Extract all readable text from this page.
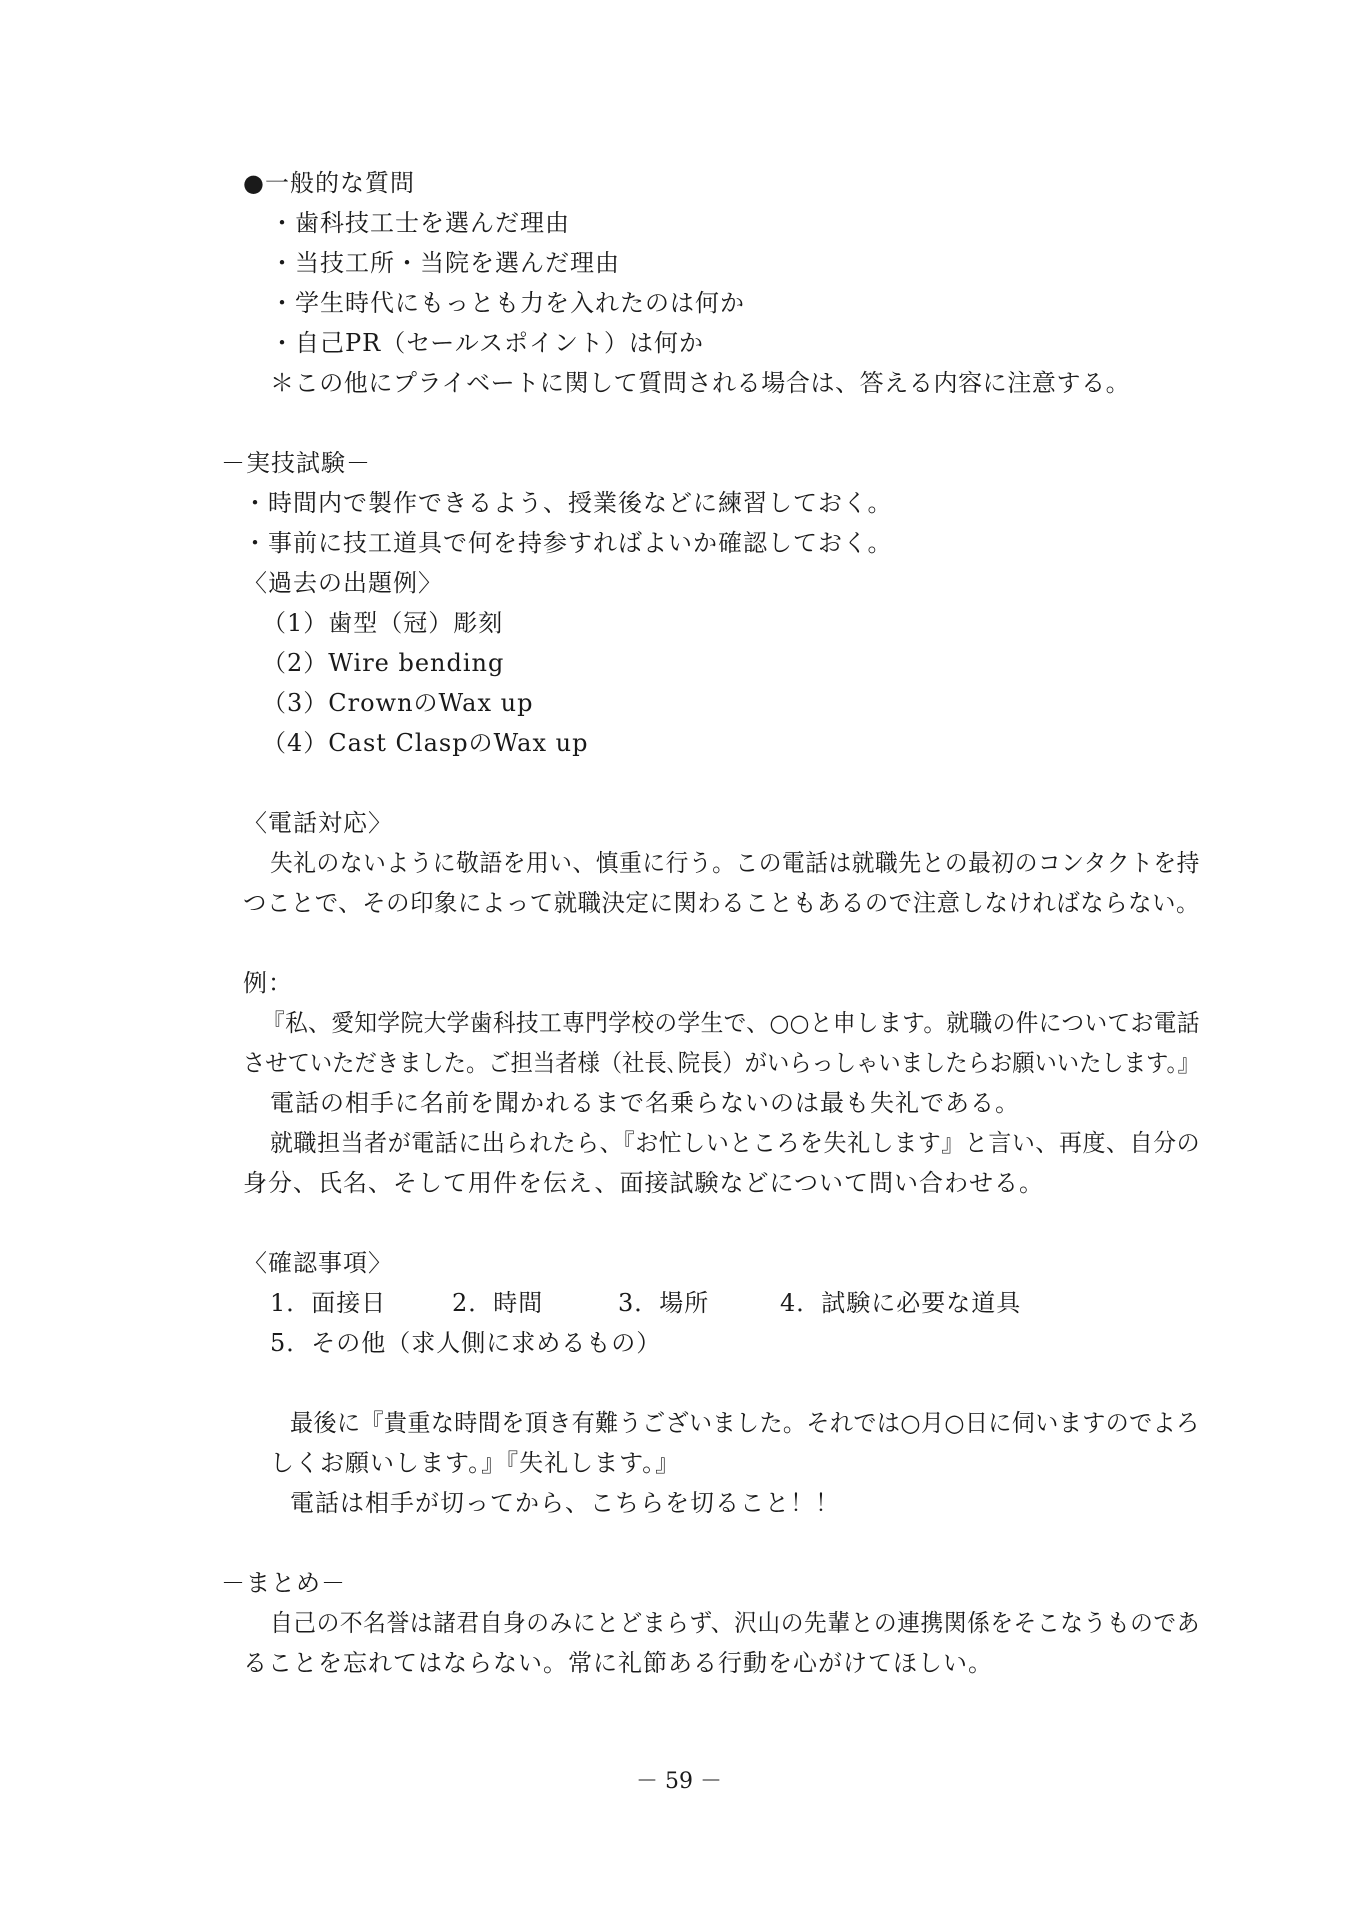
●一般的な質問
・歯科技工士を選んだ理由
・当技工所・当院を選んだ理由
・学生時代にもっとも力を入れたのは何か
・自己PR（セールスポイント）は何か
＊この他にプライベートに関して質問される場合は、答える内容に注意する。
－実技試験－
・時間内で製作できるよう、授業後などに練習しておく。
・事前に技工道具で何を持参すればよいか確認しておく。
〈過去の出題例〉
（1）歯型（冠）彫刻
（2）Wire bending
（3）CrownのWax up
（4）Cast ClaspのWax up
〈電話対応〉
失礼のないように敬語を用い、慎重に行う。この電話は就職先との最初のコンタクトを持
つことで、その印象によって就職決定に関わることもあるので注意しなければならない。
例：
『私、愛知学院大学歯科技工専門学校の学生で、○○と申します。就職の件についてお電話
させていただきました。ご担当者様（社長､院長）がいらっしゃいましたらお願いいたします。』
電話の相手に名前を聞かれるまで名乗らないのは最も失礼である。
就職担当者が電話に出られたら、『お忙しいところを失礼します』と言い、再度、自分の
身分、氏名、そして用件を伝え、面接試験などについて問い合わせる。
〈確認事項〉
1．面接日	2．時間	3．場所	4．試験に必要な道具
5．その他（求人側に求めるもの）
最後に『貴重な時間を頂き有難うございました。それでは○月○日に伺いますのでよろ
しくお願いします。』『失礼します。』
電話は相手が切ってから、こちらを切ること！！
－まとめ－
自己の不名誉は諸君自身のみにとどまらず、沢山の先輩との連携関係をそこなうものであ
ることを忘れてはならない。常に礼節ある行動を心がけてほしい。
－ 59 －
